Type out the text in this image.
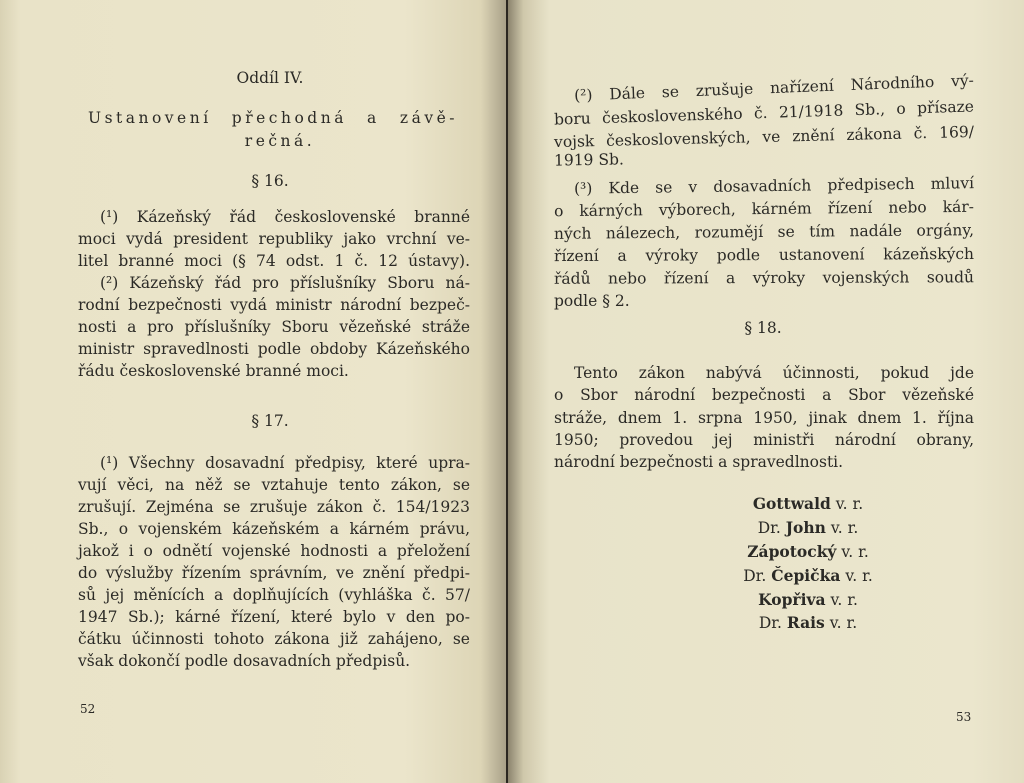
Oddíl IV.
Ustanovení přechodná a závě-
rečná.
§ 16.
(¹) Kázeňský řád československé branné
moci vydá president republiky jako vrchní ve-
litel branné moci (§ 74 odst. 1 č. 12 ústavy).
(²) Kázeňský řád pro příslušníky Sboru ná-
rodní bezpečnosti vydá ministr národní bezpeč-
nosti a pro příslušníky Sboru vězeňské stráže
ministr spravedlnosti podle obdoby Kázeňského
řádu československé branné moci.
§ 17.
(¹) Všechny dosavadní předpisy, které upra-
vují věci, na něž se vztahuje tento zákon, se
zrušují. Zejména se zrušuje zákon č. 154/1923
Sb., o vojenském kázeňském a kárném právu,
jakož i o odnětí vojenské hodnosti a přeložení
do výslužby řízením správním, ve znění předpi-
sů jej měnících a doplňujících (vyhláška č. 57/
1947 Sb.); kárné řízení, které bylo v den po-
čátku účinnosti tohoto zákona již zahájeno, se
však dokončí podle dosavadních předpisů.
52
(²) Dále se zrušuje nařízení Národního vý-
boru československého č. 21/1918 Sb., o přísaze
vojsk československých, ve znění zákona č. 169/
1919 Sb.
(³) Kde se v dosavadních předpisech mluví
o kárných výborech, kárném řízení nebo kár-
ných nálezech, rozumějí se tím nadále orgány,
řízení a výroky podle ustanovení kázeňských
řádů nebo řízení a výroky vojenských soudů
podle § 2.
§ 18.
Tento zákon nabývá účinnosti, pokud jde
o Sbor národní bezpečnosti a Sbor vězeňské
stráže, dnem 1. srpna 1950, jinak dnem 1. října
1950; provedou jej ministři národní obrany,
národní bezpečnosti a spravedlnosti.
Gottwald v. r.
Dr. John v. r.
Zápotocký v. r.
Dr. Čepička v. r.
Kopřiva v. r.
Dr. Rais v. r.
53
